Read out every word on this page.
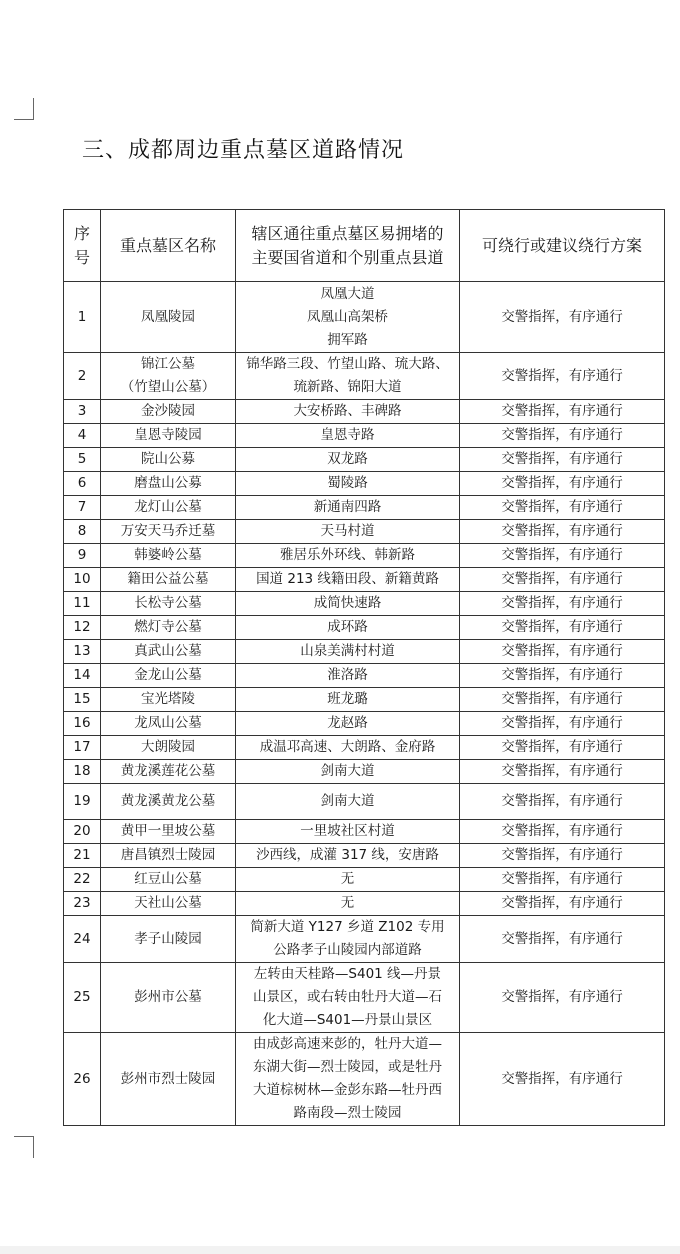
三、成都周边重点墓区道路情况
序号	重点墓区名称	辖区通往重点墓区易拥堵的主要国省道和个别重点县道	可绕行或建议绕行方案
1	凤凰陵园	凤凰大道
凤凰山高架桥
拥军路	交警指挥，有序通行
2	锦江公墓
（竹望山公墓）	锦华路三段、竹望山路、琉大路、
琉新路、锦阳大道	交警指挥，有序通行
3	金沙陵园	大安桥路、丰碑路	交警指挥，有序通行
4	皇恩寺陵园	皇恩寺路	交警指挥，有序通行
5	院山公募	双龙路	交警指挥，有序通行
6	磨盘山公募	蜀陵路	交警指挥，有序通行
7	龙灯山公墓	新通南四路	交警指挥，有序通行
8	万安天马乔迁墓	天马村道	交警指挥，有序通行
9	韩婆岭公墓	雅居乐外环线、韩新路	交警指挥，有序通行
10	籍田公益公墓	国道 213 线籍田段、新籍黄路	交警指挥，有序通行
11	长松寺公墓	成简快速路	交警指挥，有序通行
12	燃灯寺公墓	成环路	交警指挥，有序通行
13	真武山公墓	山泉美满村村道	交警指挥，有序通行
14	金龙山公墓	淮洛路	交警指挥，有序通行
15	宝光塔陵	班龙璐	交警指挥，有序通行
16	龙凤山公墓	龙赵路	交警指挥，有序通行
17	大朗陵园	成温邛高速、大朗路、金府路	交警指挥，有序通行
18	黄龙溪莲花公墓	剑南大道	交警指挥，有序通行
19	黄龙溪黄龙公墓	剑南大道	交警指挥，有序通行
20	黄甲一里坡公墓	一里坡社区村道	交警指挥，有序通行
21	唐昌镇烈士陵园	沙西线，成灌 317 线，安唐路	交警指挥，有序通行
22	红豆山公墓	无	交警指挥，有序通行
23	天社山公墓	无	交警指挥，有序通行
24	孝子山陵园	简新大道 Y127 乡道 Z102 专用
公路孝子山陵园内部道路	交警指挥，有序通行
25	彭州市公墓	左转由天桂路—S401 线—丹景
山景区，或右转由牡丹大道—石
化大道—S401—丹景山景区	交警指挥，有序通行
26	彭州市烈士陵园	由成彭高速来彭的，牡丹大道—
东湖大街—烈士陵园，或是牡丹
大道棕树林—金彭东路—牡丹西
路南段—烈士陵园	交警指挥，有序通行
